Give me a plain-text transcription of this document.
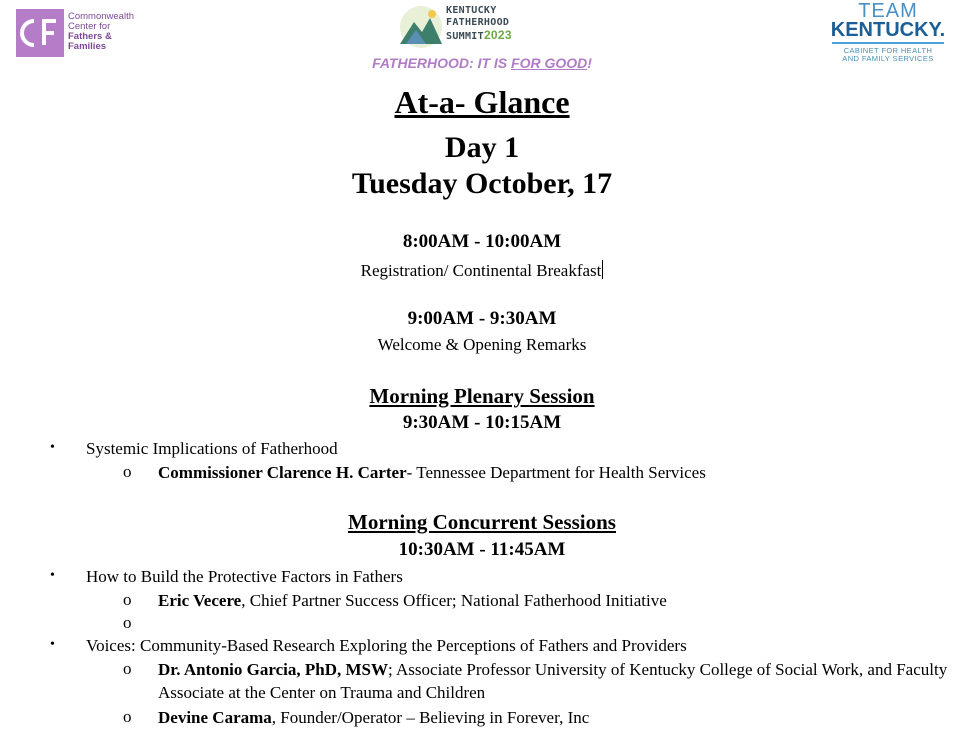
Commonwealth
Center for
Fathers &
Families
KENTUCKY
FATHERHOOD
SUMMIT2023
TEAM
KENTUCKY.
CABINET FOR HEALTH
AND FAMILY SERVICES
FATHERHOOD: IT IS FOR GOOD!
At-a- Glance
Day 1
Tuesday October, 17
8:00AM - 10:00AM
Registration/ Continental Breakfast
9:00AM - 9:30AM
Welcome & Opening Remarks
Morning Plenary Session
9:30AM - 10:15AM
• Systemic Implications of Fatherhood
o Commissioner Clarence H. Carter- Tennessee Department for Health Services
Morning Concurrent Sessions
10:30AM - 11:45AM
• How to Build the Protective Factors in Fathers
o Eric Vecere, Chief Partner Success Officer; National Fatherhood Initiative
o
• Voices: Community-Based Research Exploring the Perceptions of Fathers and Providers
o Dr. Antonio Garcia, PhD, MSW; Associate Professor University of Kentucky College of Social Work, and Faculty Associate at the Center on Trauma and Children
o Devine Carama, Founder/Operator – Believing in Forever, Inc
